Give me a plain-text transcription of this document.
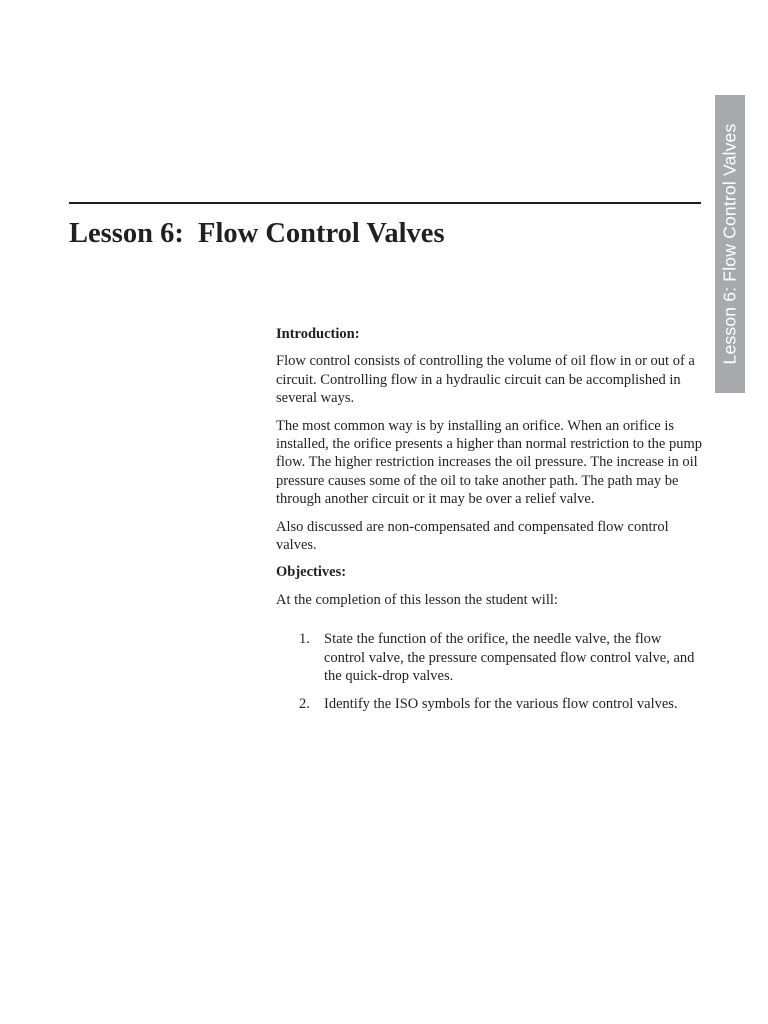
Lesson 6: Flow Control Valves
Lesson 6:  Flow Control Valves

Introduction:

Flow control consists of controlling the volume of oil flow in or out of a circuit. Controlling flow in a hydraulic circuit can be accomplished in several ways.

The most common way is by installing an orifice. When an orifice is installed, the orifice presents a higher than normal restriction to the pump flow. The higher restriction increases the oil pressure. The increase in oil pressure causes some of the oil to take another path. The path may be through another circuit or it may be over a relief valve.

Also discussed are non-compensated and compensated flow control valves.

Objectives:

At the completion of this lesson the student will:

1. State the function of the orifice, the needle valve, the flow control valve, the pressure compensated flow control valve, and the quick-drop valves.
2. Identify the ISO symbols for the various flow control valves.
